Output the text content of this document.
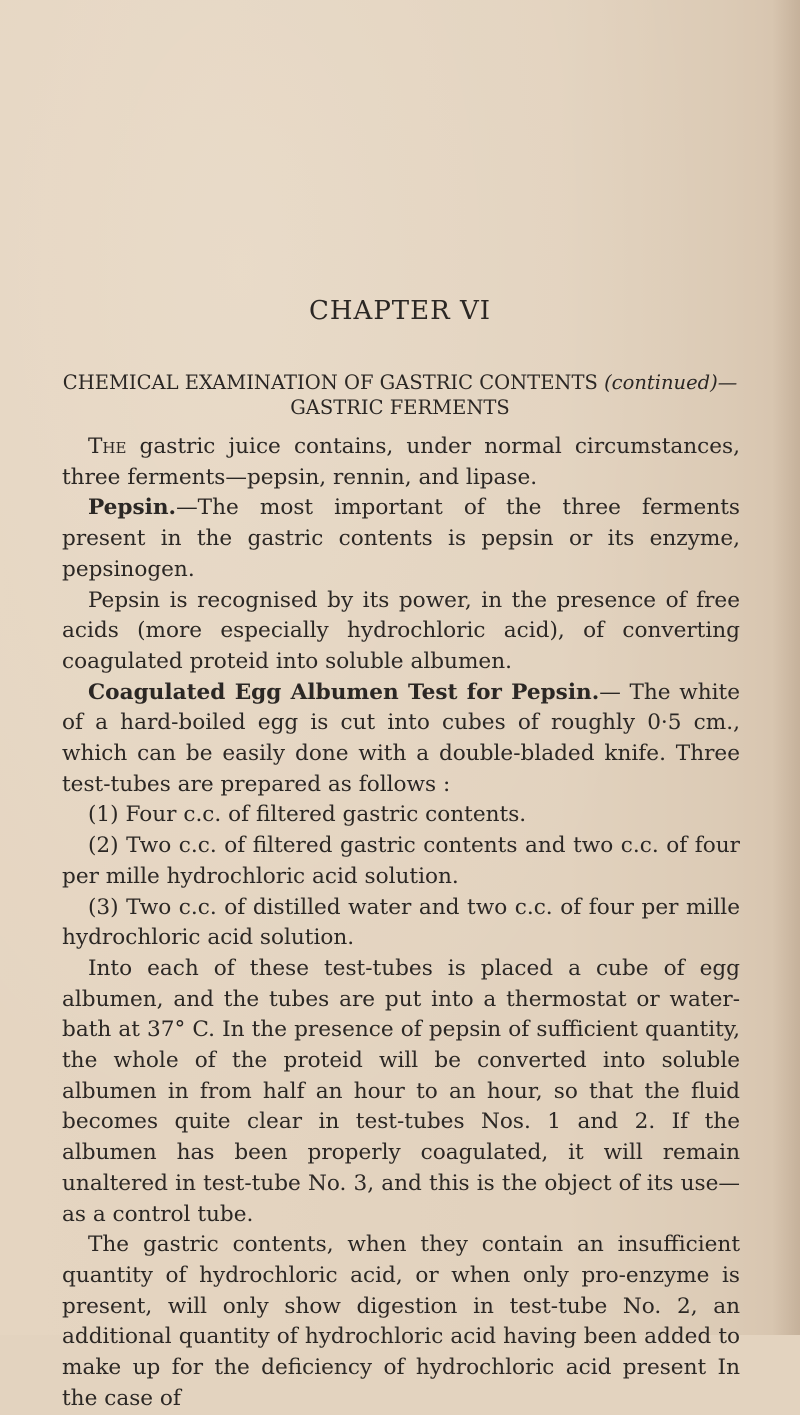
CHAPTER VI
CHEMICAL EXAMINATION OF GASTRIC CONTENTS (continued)—
GASTRIC FERMENTS

The gastric juice contains, under normal circumstances, three ferments—pepsin, rennin, and lipase.

Pepsin.—The most important of the three ferments present in the gastric contents is pepsin or its enzyme, pepsinogen.

Pepsin is recognised by its power, in the presence of free acids (more especially hydrochloric acid), of converting coagulated proteid into soluble albumen.

Coagulated Egg Albumen Test for Pepsin.— The white of a hard-boiled egg is cut into cubes of roughly 0·5 cm., which can be easily done with a double-bladed knife. Three test-tubes are prepared as follows :

(1) Four c.c. of filtered gastric contents.

(2) Two c.c. of filtered gastric contents and two c.c. of four per mille hydrochloric acid solution.

(3) Two c.c. of distilled water and two c.c. of four per mille hydrochloric acid solution.

Into each of these test-tubes is placed a cube of egg albumen, and the tubes are put into a thermostat or water-bath at 37° C. In the presence of pepsin of sufficient quantity, the whole of the proteid will be converted into soluble albumen in from half an hour to an hour, so that the fluid becomes quite clear in test-tubes Nos. 1 and 2. If the albumen has been properly coagulated, it will remain unaltered in test-tube No. 3, and this is the object of its use—as a control tube.

The gastric contents, when they contain an insufficient quantity of hydrochloric acid, or when only pro-enzyme is present, will only show digestion in test-tube No. 2, an additional quantity of hydrochloric acid having been added to make up for the deficiency of hydrochloric acid present In the case of
